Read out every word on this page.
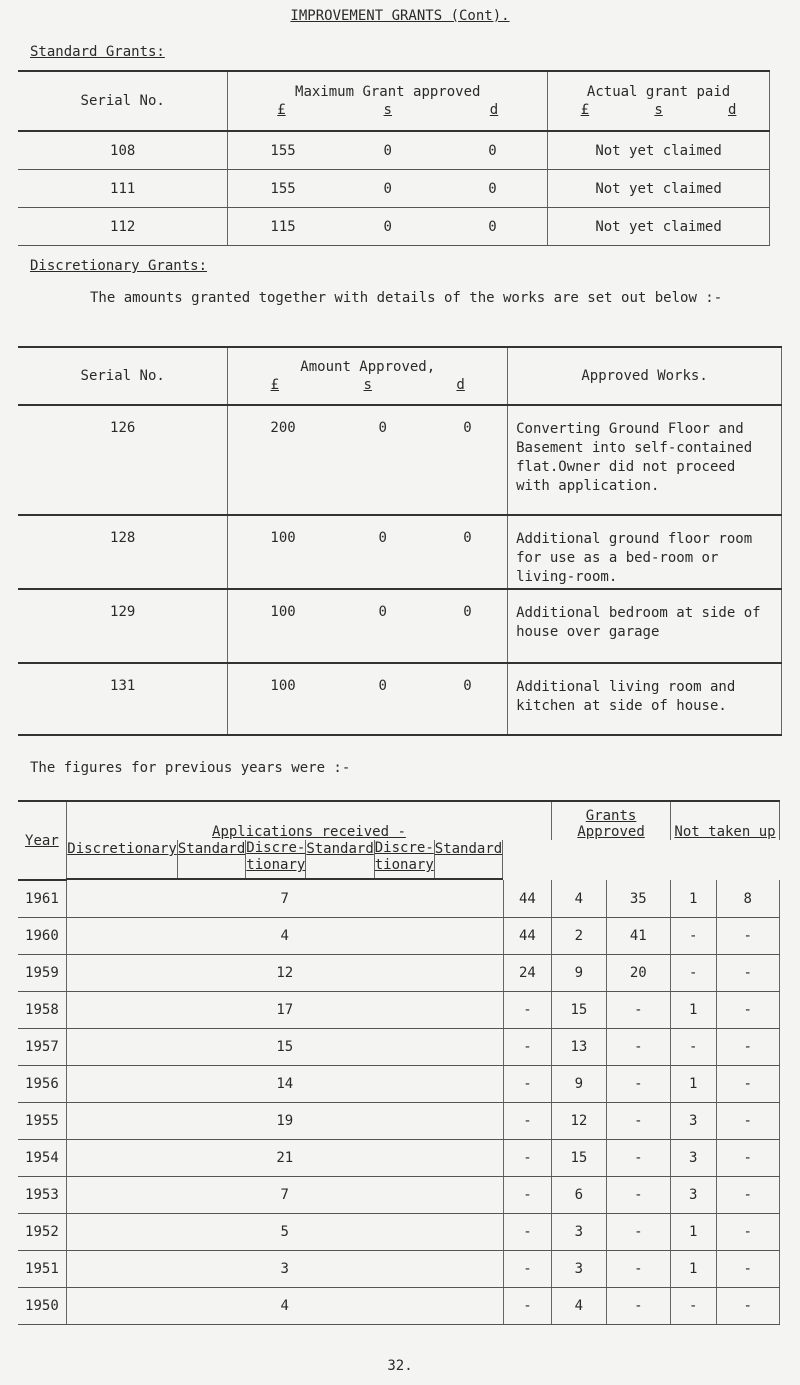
IMPROVEMENT GRANTS (Cont).
Standard Grants:
Serial No.	Maximum Grant approved
£ s d			Actual grant paid
£ s d

108	155	0	0	Not yet claimed
111	155	0	0	Not yet claimed
112	115	0	0	Not yet claimed
Discretionary Grants:
The amounts granted together with details of the works are set out below :-
Serial No.	Amount Approved,
£ s d			Approved Works.
126	200	0	0	Converting Ground Floor and Basement into self-contained flat.Owner did not proceed with application.
128	100	0	0	Additional ground floor room for use as a bed-room or living-room.
129	100	0	0	Additional bedroom at side of house over garage
131	100	0	0	Additional living room and kitchen at side of house.
The figures for previous years were :-
Year	Applications received -	Grants Approved	Not taken up

Discretionary	Standard	Discre- tionary	Standard	Discre- tionary	Standard
1961	7	44	4	35	1	8
1960	4	44	2	41	-	-
1959	12	24	9	20	-	-
1958	17	-	15	-	1	-
1957	15	-	13	-	-	-
1956	14	-	9	-	1	-
1955	19	-	12	-	3	-
1954	21	-	15	-	3	-
1953	7	-	6	-	3	-
1952	5	-	3	-	1	-
1951	3	-	3	-	1	-
1950	4	-	4	-	-	-
32.
